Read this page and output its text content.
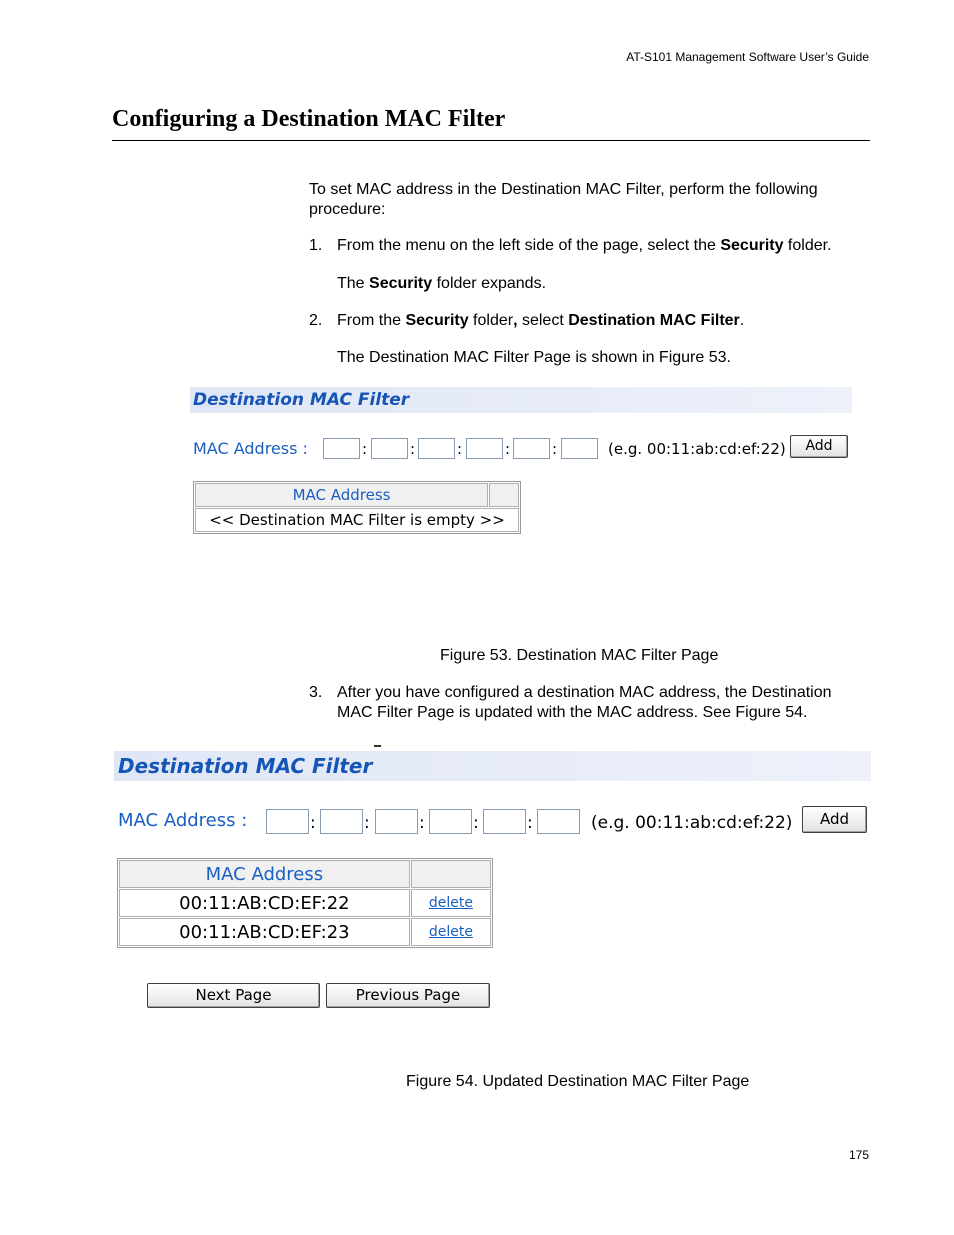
AT-S101 Management Software User’s Guide
Configuring a Destination MAC Filter
To set MAC address in the Destination MAC Filter, perform the following procedure:
1. From the menu on the left side of the page, select the Security folder.
The Security folder expands.
2. From the Security folder, select Destination MAC Filter.
The Destination MAC Filter Page is shown in Figure 53.
Destination MAC Filter
MAC Address :	:	:	:	:	:	(e.g. 00:11:ab:cd:ef:22)	Add
MAC Address	
<< Destination MAC Filter is empty >>
Figure 53. Destination MAC Filter Page
3. After you have configured a destination MAC address, the Destination
MAC Filter Page is updated with the MAC address. See Figure 54.
Destination MAC Filter
MAC Address :	:	:	:	:	:	(e.g. 00:11:ab:cd:ef:22)	Add
MAC Address	
00:11:AB:CD:EF:22	delete
00:11:AB:CD:EF:23	delete
Next Page	Previous Page
Figure 54. Updated Destination MAC Filter Page
175
